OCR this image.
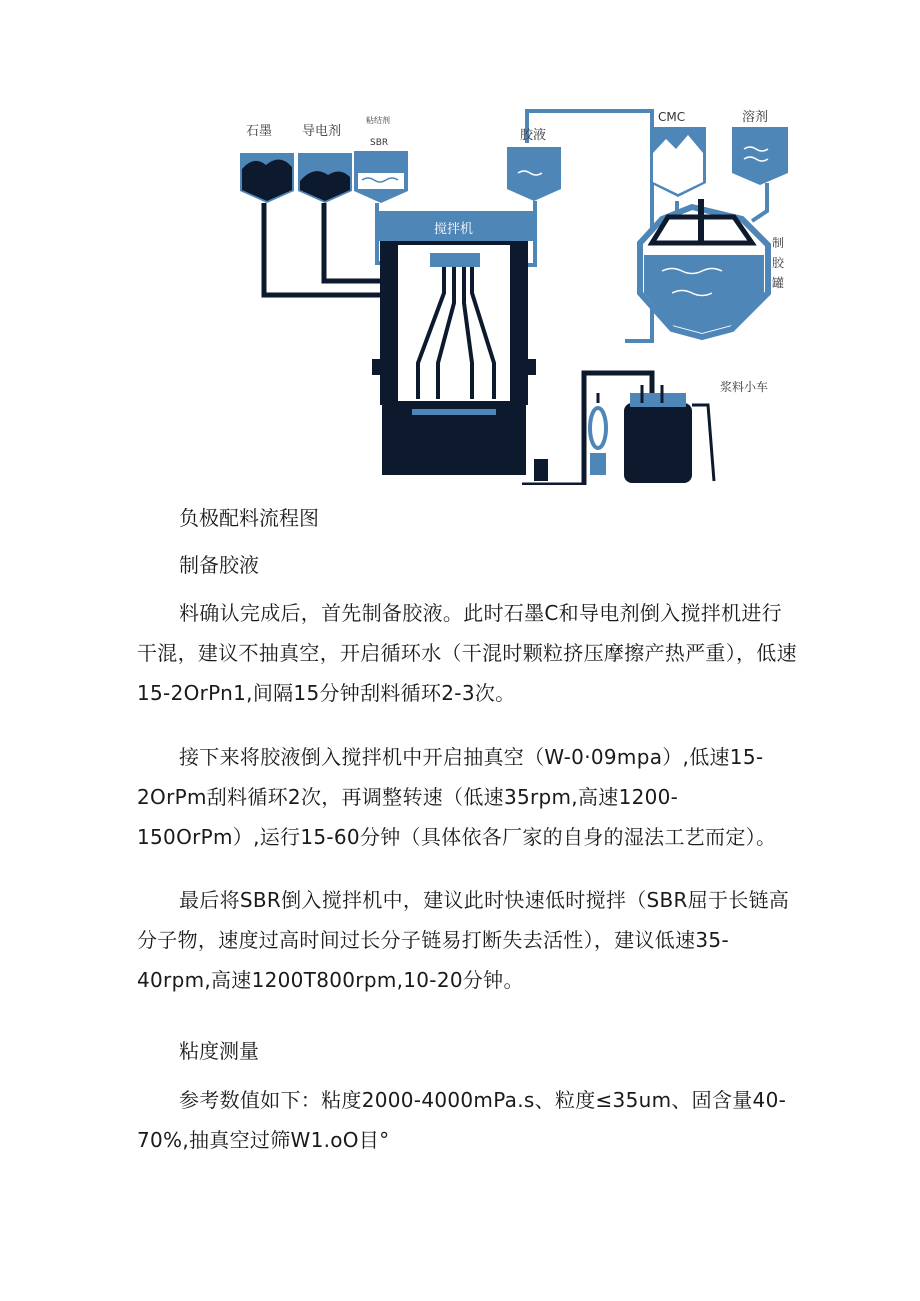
石墨 导电剂
粘结剂
SBR	胶液
CMC	溶剂
搅拌机
制
胶
罐
浆料小车

负极配料流程图

制备胶液

料确认完成后，首先制备胶液。此时石墨C和导电剂倒入搅拌机进行干混，建议不抽真空，开启循环水（干混时颗粒挤压摩擦产热严重），低速15-2OrPn1,间隔15分钟刮料循环2-3次。

接下来将胶液倒入搅拌机中开启抽真空（W-0·09mpa）,低速15-2OrPm刮料循环2次，再调整转速（低速35rpm,高速1200-150OrPm）,运行15-60分钟（具体依各厂家的自身的湿法工艺而定）。

最后将SBR倒入搅拌机中，建议此时快速低时搅拌（SBR屈于长链高分子物，速度过高时间过长分子链易打断失去活性），建议低速35-40rpm,高速1200T800rpm,10-20分钟。

粘度测量

参考数值如下：粘度2000-4000mPa.s、粒度≤35um、固含量40-70%,抽真空过筛W1.oO目°
